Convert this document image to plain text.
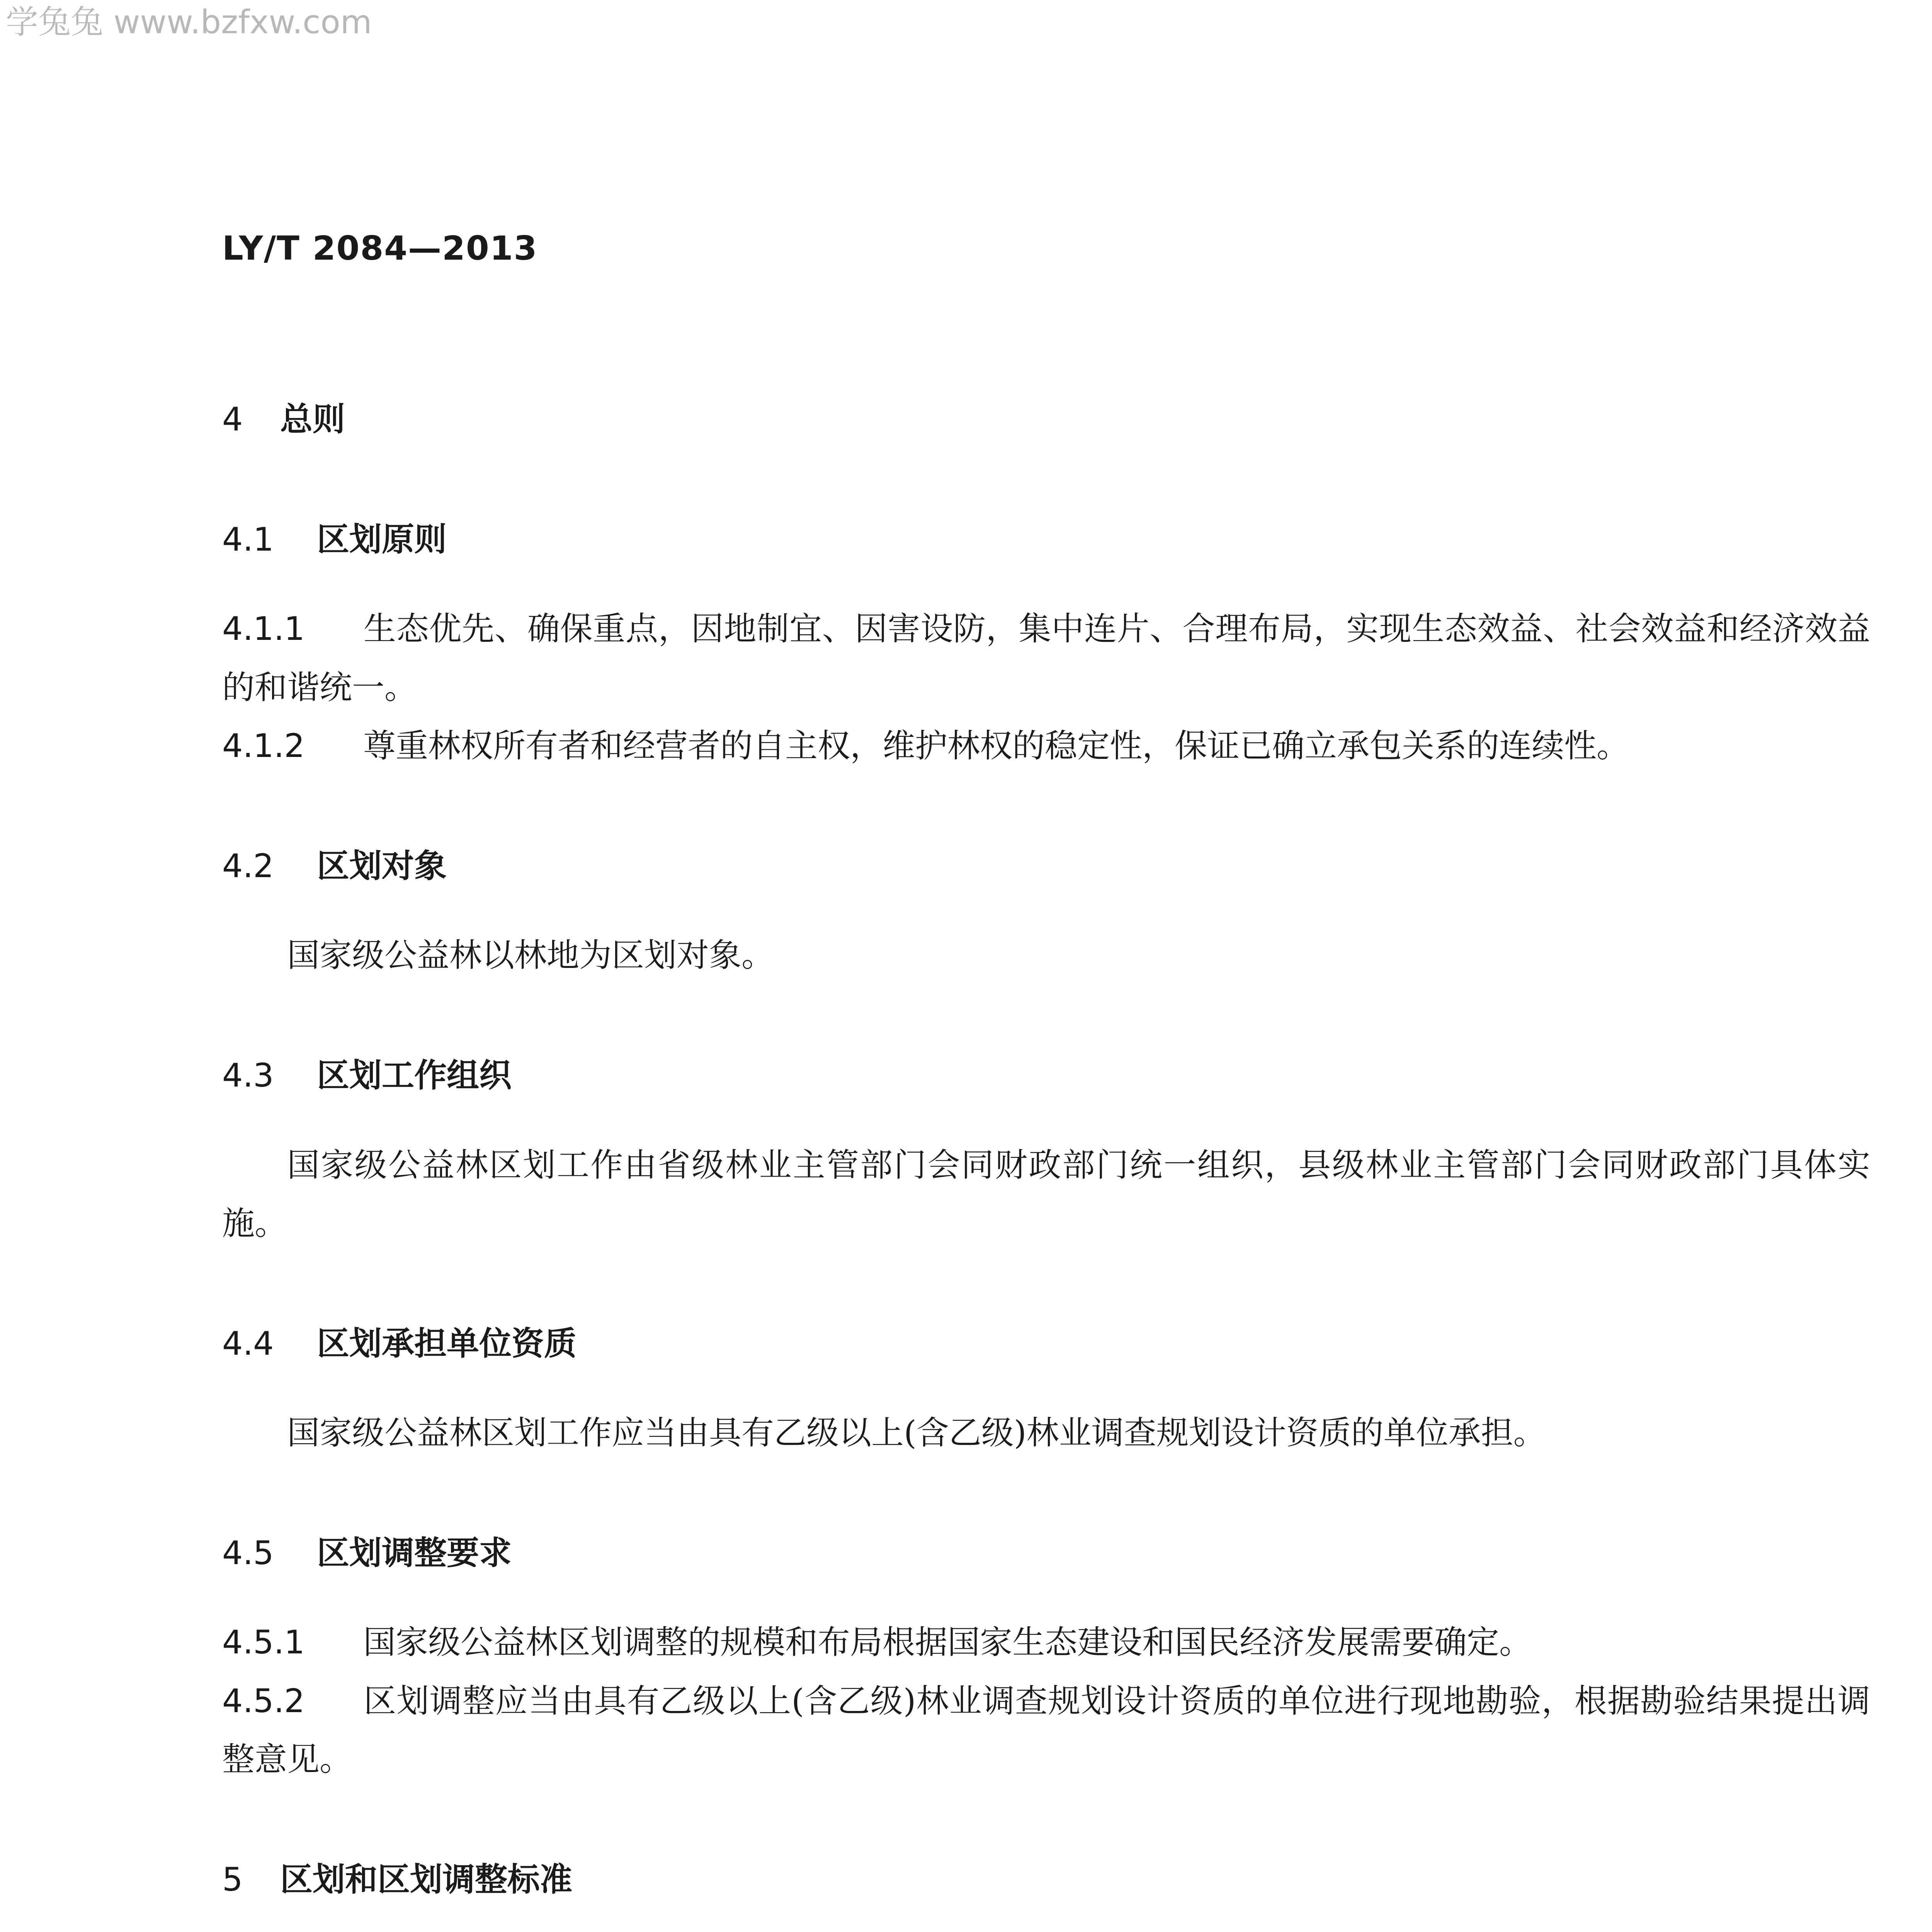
学兔兔 www.bzfxw.com
LY/T 2084—2013
4 总则
4.1 区划原则

4.1.1 生态优先、确保重点，因地制宜、因害设防，集中连片、合理布局，实现生态效益、社会效益和经济效益的和谐统一。

4.1.2 尊重林权所有者和经营者的自主权，维护林权的稳定性，保证已确立承包关系的连续性。

4.2 区划对象

国家级公益林以林地为区划对象。

4.3 区划工作组织

国家级公益林区划工作由省级林业主管部门会同财政部门统一组织，县级林业主管部门会同财政部门具体实施。

4.4 区划承担单位资质

国家级公益林区划工作应当由具有乙级以上(含乙级)林业调查规划设计资质的单位承担。

4.5 区划调整要求

4.5.1 国家级公益林区划调整的规模和布局根据国家生态建设和国民经济发展需要确定。

4.5.2 区划调整应当由具有乙级以上(含乙级)林业调查规划设计资质的单位进行现地勘验，根据勘验结果提出调整意见。

5 区划和区划调整标准
